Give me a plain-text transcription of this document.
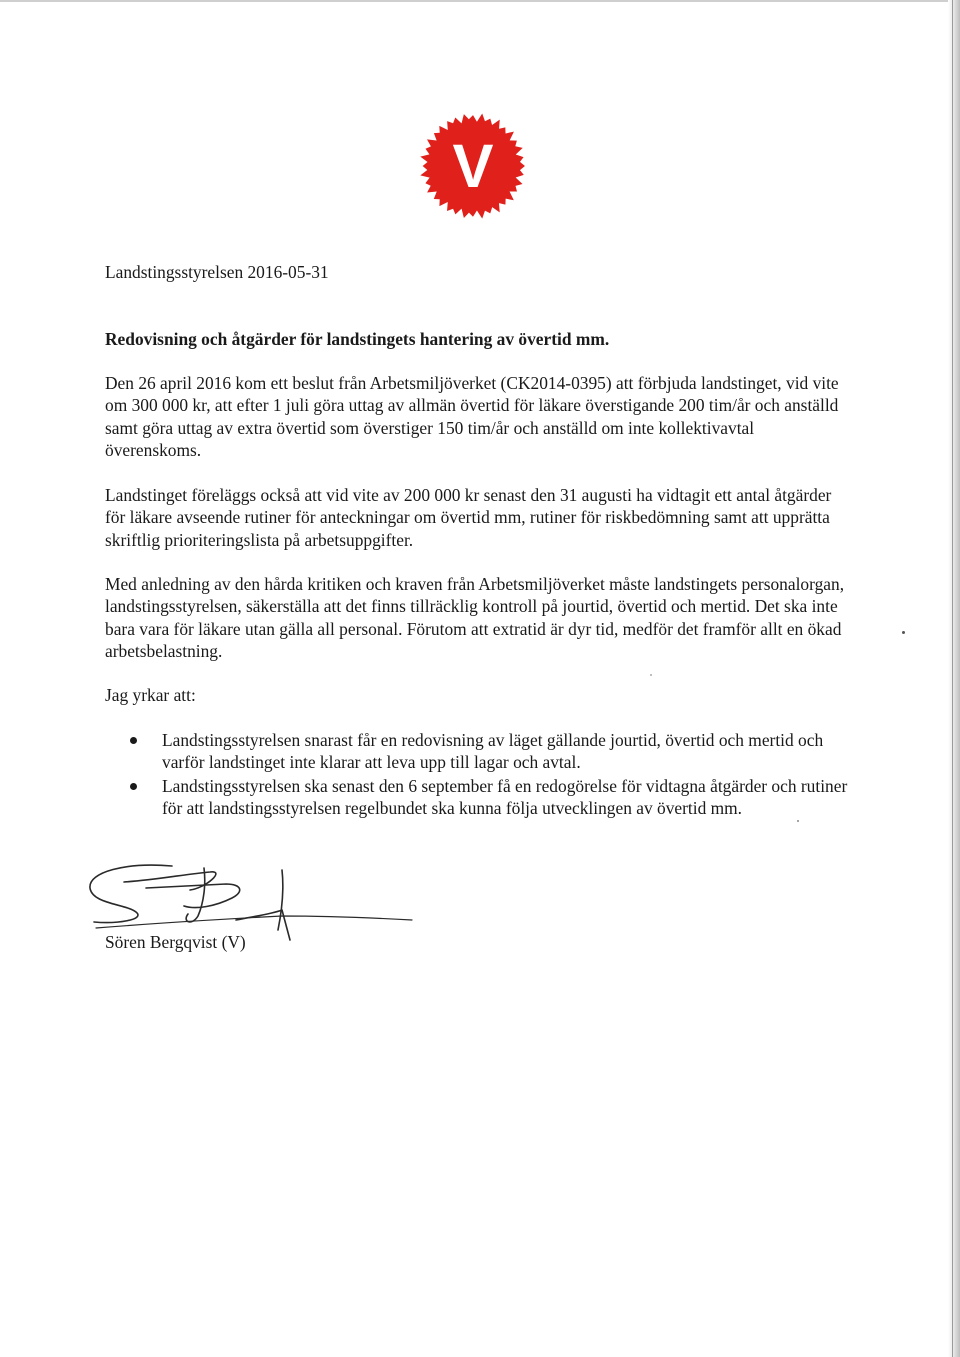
V
Landstingsstyrelsen 2016-05-31
Redovisning och åtgärder för landstingets hantering av övertid mm.
Den 26 april 2016 kom ett beslut från Arbetsmiljöverket (CK2014-0395) att förbjuda landstinget, vid vite om 300 000 kr, att efter 1 juli göra uttag av allmän övertid för läkare överstigande 200 tim/år och anställd samt göra uttag av extra övertid som överstiger 150 tim/år och anställd om inte kollektivavtal överenskoms.
Landstinget föreläggs också att vid vite av 200 000 kr senast den 31 augusti ha vidtagit ett antal åtgärder för läkare avseende rutiner för anteckningar om övertid mm, rutiner för riskbedömning samt att upprätta skriftlig prioriteringslista på arbetsuppgifter.
Med anledning av den hårda kritiken och kraven från Arbetsmiljöverket måste landstingets personalorgan, landstingsstyrelsen, säkerställa att det finns tillräcklig kontroll på jourtid, övertid och mertid. Det ska inte bara vara för läkare utan gälla all personal. Förutom att extratid är dyr tid, medför det framför allt en ökad arbetsbelastning.
Jag yrkar att:
Landstingsstyrelsen snarast får en redovisning av läget gällande jourtid, övertid och mertid och varför landstinget inte klarar att leva upp till lagar och avtal.
Landstingsstyrelsen ska senast den 6 september få en redogörelse för vidtagna åtgärder och rutiner för att landstingsstyrelsen regelbundet ska kunna följa utvecklingen av övertid mm.
Sören Bergqvist (V)
